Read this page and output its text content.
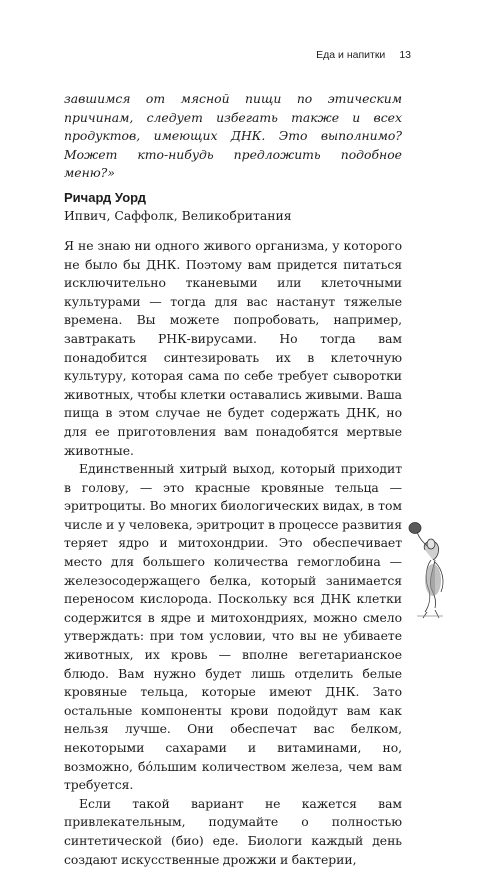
Еда и напитки 13

завшимся от мясной пищи по этическим причинам, следует избегать также и всех продуктов, имеющих ДНК. Это выполнимо? Может кто-нибудь предложить подобное меню?»

Ричард Уорд
Ипвич, Саффолк, Великобритания

Я не знаю ни одного живого организма, у которого не было бы ДНК. Поэтому вам придется питаться исключительно тканевыми или клеточными культурами — тогда для вас настанут тяжелые времена. Вы можете попробовать, например, завтракать РНК-вирусами. Но тогда вам понадобится синтезировать их в клеточную культуру, которая сама по себе требует сыворотки животных, чтобы клетки оставались живыми. Ваша пища в этом случае не будет содержать ДНК, но для ее приготовления вам понадобятся мертвые животные.

Единственный хитрый выход, который приходит в голову, — это красные кровяные тельца — эритроциты. Во многих биологических видах, в том числе и у человека, эритроцит в процессе развития теряет ядро и митохондрии. Это обеспечивает место для большего количества гемоглобина — железосодержащего белка, который занимается переносом кислорода. Поскольку вся ДНК клетки содержится в ядре и митохондриях, можно смело утверждать: при том условии, что вы не убиваете животных, их кровь — вполне вегетарианское блюдо. Вам нужно будет лишь отделить белые кровяные тельца, которые имеют ДНК. Зато остальные компоненты крови подойдут вам как нельзя лучше. Они обеспечат вас белком, некоторыми сахарами и витаминами, но, возможно, бóльшим количеством железа, чем вам требуется.

Если такой вариант не кажется вам привлекательным, подумайте о полностью синтетической (био) еде. Биологи каждый день создают искусственные дрожжи и бактерии,
